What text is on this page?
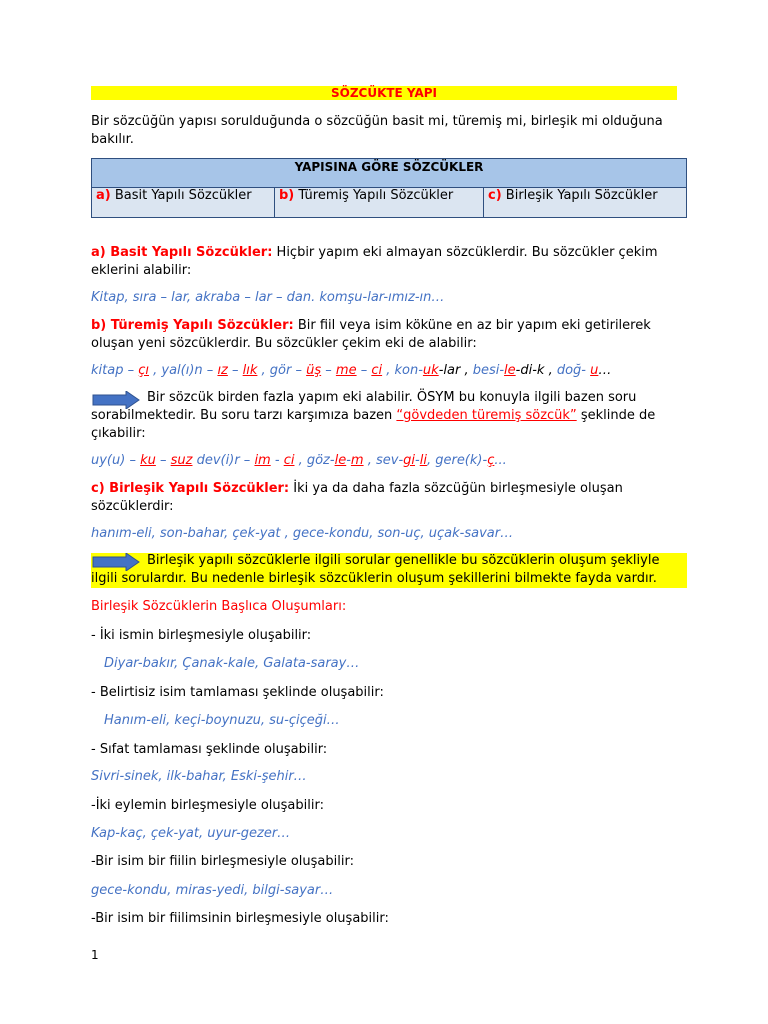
SÖZCÜKTE YAPI
Bir sözcüğün yapısı sorulduğunda o sözcüğün basit mi, türemiş mi, birleşik mi olduğuna bakılır.
YAPISINA GÖRE SÖZCÜKLER
a) Basit Yapılı Sözcükler	b) Türemiş Yapılı Sözcükler	c) Birleşik Yapılı Sözcükler
a) Basit Yapılı Sözcükler: Hiçbir yapım eki almayan sözcüklerdir. Bu sözcükler çekim eklerini alabilir:
Kitap, sıra – lar, akraba – lar – dan. komşu-lar-ımız-ın…
b) Türemiş Yapılı Sözcükler: Bir fiil veya isim köküne en az bir yapım eki getirilerek oluşan yeni sözcüklerdir. Bu sözcükler çekim eki de alabilir:
kitap – çı , yal(ı)n – ız – lık , gör – üş – me – ci , kon-uk-lar , besi-le-di-k , doğ- u…
Bir sözcük birden fazla yapım eki alabilir. ÖSYM bu konuyla ilgili bazen soru sorabilmektedir. Bu soru tarzı karşımıza bazen “gövdeden türemiş sözcük” şeklinde de çıkabilir:
uy(u) – ku – suz dev(i)r – im - ci , göz-le-m , sev-gi-li, gere(k)-ç...
c) Birleşik Yapılı Sözcükler: İki ya da daha fazla sözcüğün birleşmesiyle oluşan sözcüklerdir:
hanım-eli, son-bahar, çek-yat , gece-kondu, son-uç, uçak-savar…
Birleşik yapılı sözcüklerle ilgili sorular genellikle bu sözcüklerin oluşum şekliyle ilgili sorulardır. Bu nedenle birleşik sözcüklerin oluşum şekillerini bilmekte fayda vardır.
Birleşik Sözcüklerin Başlıca Oluşumları:
- İki ismin birleşmesiyle oluşabilir:
Diyar-bakır, Çanak-kale, Galata-saray…
- Belirtisiz isim tamlaması şeklinde oluşabilir:
Hanım-eli, keçi-boynuzu, su-çiçeği…
- Sıfat tamlaması şeklinde oluşabilir:
Sivri-sinek, ilk-bahar, Eski-şehir…
-İki eylemin birleşmesiyle oluşabilir:
Kap-kaç, çek-yat, uyur-gezer…
-Bir isim bir fiilin birleşmesiyle oluşabilir:
gece-kondu, miras-yedi, bilgi-sayar…
-Bir isim bir fiilimsinin birleşmesiyle oluşabilir:
1
